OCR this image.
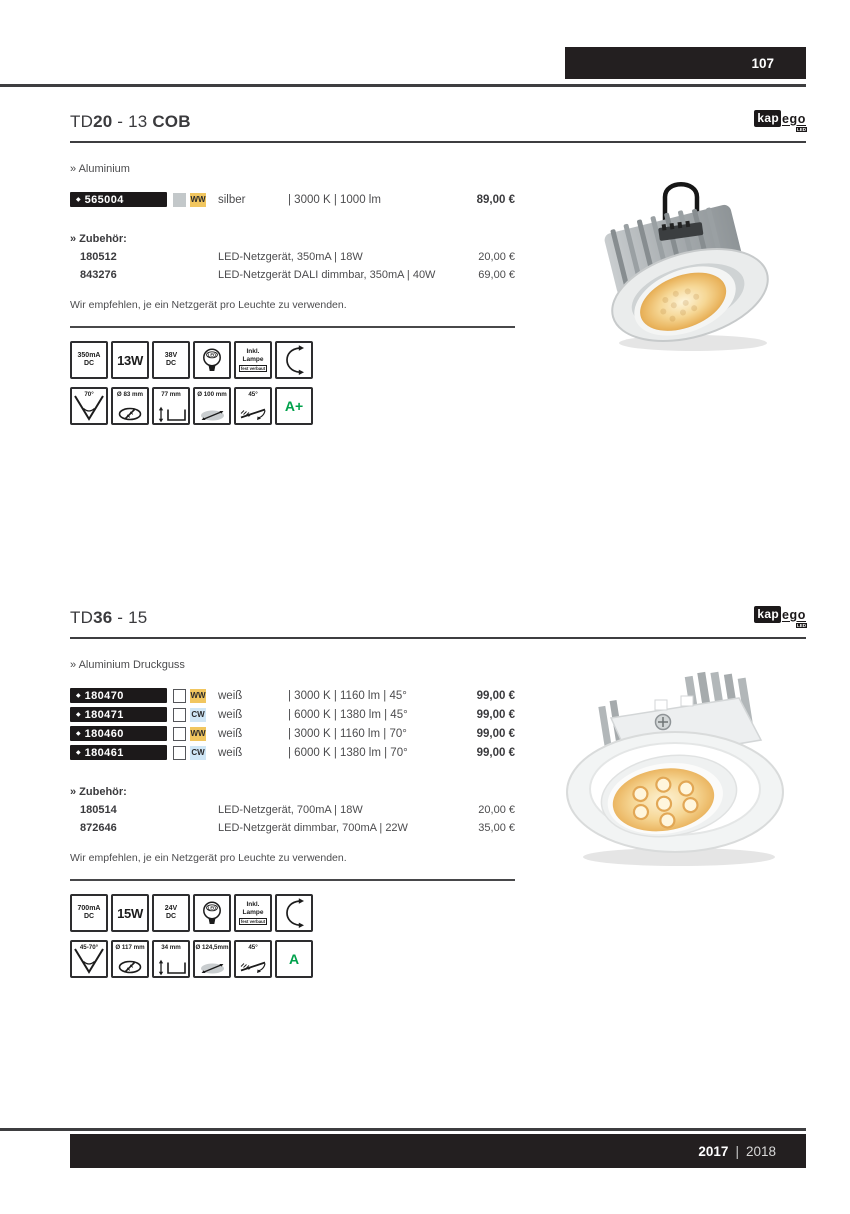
107
TD20 - 13 COB	kap ego
LED
» Aluminium
◆ 565004	WW silber	| 3000 K | 1000 lm	89,00 €
» Zubehör:
180512	LED-Netzgerät, 350mA | 18W	20,00 €
843276	LED-Netzgerät DALI dimmbar, 350mA | 40W	69,00 €
Wir empfehlen, je ein Netzgerät pro Leuchte zu verwenden.
350mA
DC 13W	38V
DC
LED	Inkl.
Lampe
fest verbaut
70°	Ø 83 mm	77 mm	Ø 100 mm	45°
A+
TD36 - 15	kap ego
LED
» Aluminium Druckguss
◆ 180470	WW weiß	| 3000 K | 1160 lm | 45°	99,00 €
◆ 180471	CW weiß	| 6000 K | 1380 lm | 45°	99,00 €
◆ 180460	WW weiß	| 3000 K | 1160 lm | 70°	99,00 €
◆ 180461	CW weiß	| 6000 K | 1380 lm | 70°	99,00 €
» Zubehör:
180514	LED-Netzgerät, 700mA | 18W	20,00 €
872646	LED-Netzgerät dimmbar, 700mA | 22W	35,00 €
Wir empfehlen, je ein Netzgerät pro Leuchte zu verwenden.
700mA
DC 15W	24V
DC
LED	Inkl.
Lampe
fest verbaut
45-70°	Ø 117 mm	34 mm	Ø 124,5mm	45°
A
2017 | 2018
